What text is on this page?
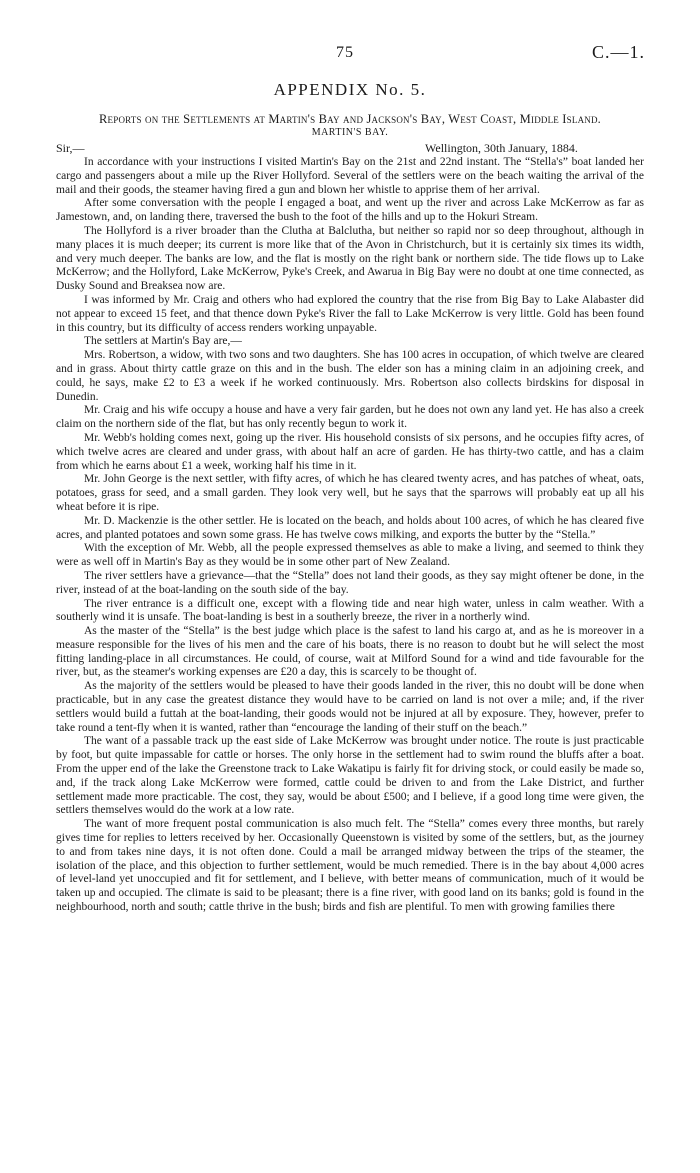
75	C.—1.
APPENDIX No. 5.
Reports on the Settlements at Martin's Bay and Jackson's Bay, West Coast, Middle Island.
MARTIN'S BAY.
Sir,—	Wellington, 30th January, 1884.

In accordance with your instructions I visited Martin's Bay on the 21st and 22nd instant. The “Stella's” boat landed her cargo and passengers about a mile up the River Hollyford. Several of the settlers were on the beach waiting the arrival of the mail and their goods, the steamer having fired a gun and blown her whistle to apprise them of her arrival.

After some conversation with the people I engaged a boat, and went up the river and across Lake McKerrow as far as Jamestown, and, on landing there, traversed the bush to the foot of the hills and up to the Hokuri Stream.

The Hollyford is a river broader than the Clutha at Balclutha, but neither so rapid nor so deep throughout, although in many places it is much deeper; its current is more like that of the Avon in Christchurch, but it is certainly six times its width, and very much deeper. The banks are low, and the flat is mostly on the right bank or northern side. The tide flows up to Lake McKerrow; and the Hollyford, Lake McKerrow, Pyke's Creek, and Awarua in Big Bay were no doubt at one time connected, as Dusky Sound and Breaksea now are.

I was informed by Mr. Craig and others who had explored the country that the rise from Big Bay to Lake Alabaster did not appear to exceed 15 feet, and that thence down Pyke's River the fall to Lake McKerrow is very little. Gold has been found in this country, but its difficulty of access renders working unpayable.

The settlers at Martin's Bay are,—

Mrs. Robertson, a widow, with two sons and two daughters. She has 100 acres in occupation, of which twelve are cleared and in grass. About thirty cattle graze on this and in the bush. The elder son has a mining claim in an adjoining creek, and could, he says, make £2 to £3 a week if he worked continuously. Mrs. Robertson also collects birdskins for disposal in Dunedin.

Mr. Craig and his wife occupy a house and have a very fair garden, but he does not own any land yet. He has also a creek claim on the northern side of the flat, but has only recently begun to work it.

Mr. Webb's holding comes next, going up the river. His household consists of six persons, and he occupies fifty acres, of which twelve acres are cleared and under grass, with about half an acre of garden. He has thirty-two cattle, and has a claim from which he earns about £1 a week, working half his time in it.

Mr. John George is the next settler, with fifty acres, of which he has cleared twenty acres, and has patches of wheat, oats, potatoes, grass for seed, and a small garden. They look very well, but he says that the sparrows will probably eat up all his wheat before it is ripe.

Mr. D. Mackenzie is the other settler. He is located on the beach, and holds about 100 acres, of which he has cleared five acres, and planted potatoes and sown some grass. He has twelve cows milking, and exports the butter by the “Stella.”

With the exception of Mr. Webb, all the people expressed themselves as able to make a living, and seemed to think they were as well off in Martin's Bay as they would be in some other part of New Zealand.

The river settlers have a grievance—that the “Stella” does not land their goods, as they say might oftener be done, in the river, instead of at the boat-landing on the south side of the bay.

The river entrance is a difficult one, except with a flowing tide and near high water, unless in calm weather. With a southerly wind it is unsafe. The boat-landing is best in a southerly breeze, the river in a northerly wind.

As the master of the “Stella” is the best judge which place is the safest to land his cargo at, and as he is moreover in a measure responsible for the lives of his men and the care of his boats, there is no reason to doubt but he will select the most fitting landing-place in all circumstances. He could, of course, wait at Milford Sound for a wind and tide favourable for the river, but, as the steamer's working expenses are £20 a day, this is scarcely to be thought of.

As the majority of the settlers would be pleased to have their goods landed in the river, this no doubt will be done when practicable, but in any case the greatest distance they would have to be carried on land is not over a mile; and, if the river settlers would build a futtah at the boat-landing, their goods would not be injured at all by exposure. They, however, prefer to take round a tent-fly when it is wanted, rather than “encourage the landing of their stuff on the beach.”

The want of a passable track up the east side of Lake McKerrow was brought under notice. The route is just practicable by foot, but quite impassable for cattle or horses. The only horse in the settlement had to swim round the bluffs after a boat. From the upper end of the lake the Greenstone track to Lake Wakatipu is fairly fit for driving stock, or could easily be made so, and, if the track along Lake McKerrow were formed, cattle could be driven to and from the Lake District, and further settlement made more practicable. The cost, they say, would be about £500; and I believe, if a good long time were given, the settlers themselves would do the work at a low rate.

The want of more frequent postal communication is also much felt. The “Stella” comes every three months, but rarely gives time for replies to letters received by her. Occasionally Queenstown is visited by some of the settlers, but, as the journey to and from takes nine days, it is not often done. Could a mail be arranged midway between the trips of the steamer, the isolation of the place, and this objection to further settlement, would be much remedied. There is in the bay about 4,000 acres of level-land yet unoccupied and fit for settlement, and I believe, with better means of communication, much of it would be taken up and occupied. The climate is said to be pleasant; there is a fine river, with good land on its banks; gold is found in the neighbourhood, north and south; cattle thrive in the bush; birds and fish are plentiful. To men with growing families there
